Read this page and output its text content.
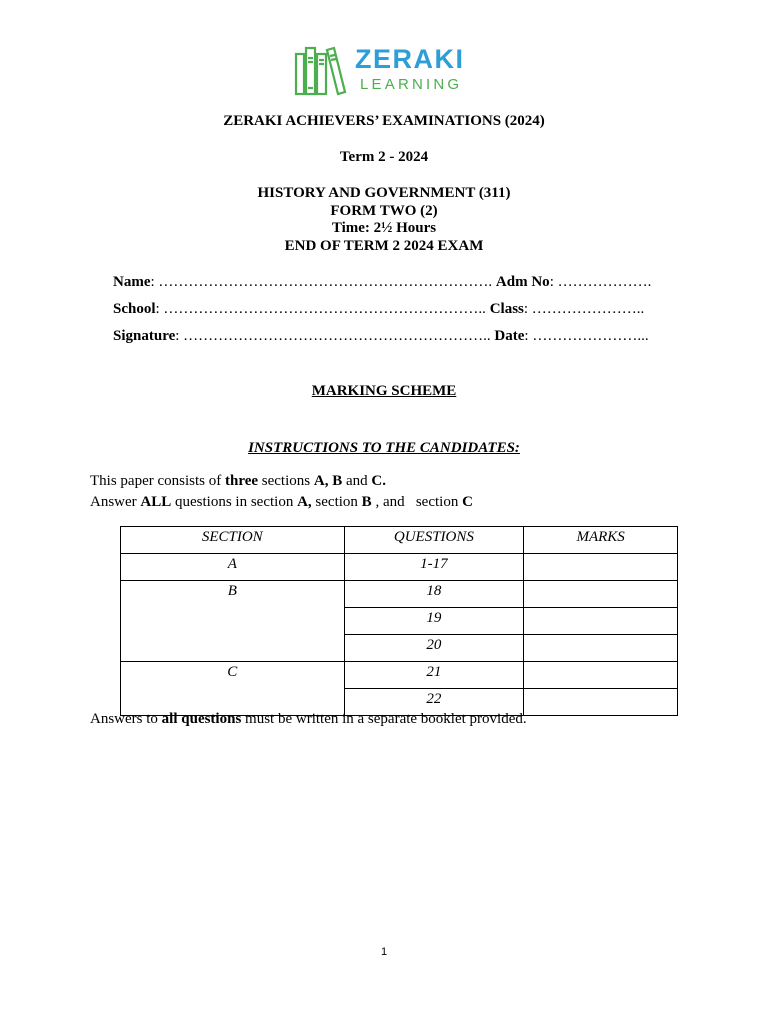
ZERAKI
LEARNING
ZERAKI ACHIEVERS’ EXAMINATIONS (2024)
Term 2 - 2024
HISTORY AND GOVERNMENT (311)
FORM TWO (2)
Time: 2½ Hours
END OF TERM 2 2024 EXAM
Name: …………………………………………………………. Adm No: ……………….
School: ……………………………………………………….. Class: …………………..
Signature: …………………………………………………….. Date: …………………...
MARKING SCHEME
INSTRUCTIONS TO THE CANDIDATES:
This paper consists of three sections A, B and C.
Answer ALL questions in section A, section B , and   section C
SECTION	QUESTIONS	MARKS
A	1-17	
B	18	
	19	
	20	
C	21	
	22	
Answers to all questions must be written in a separate booklet provided.
1
